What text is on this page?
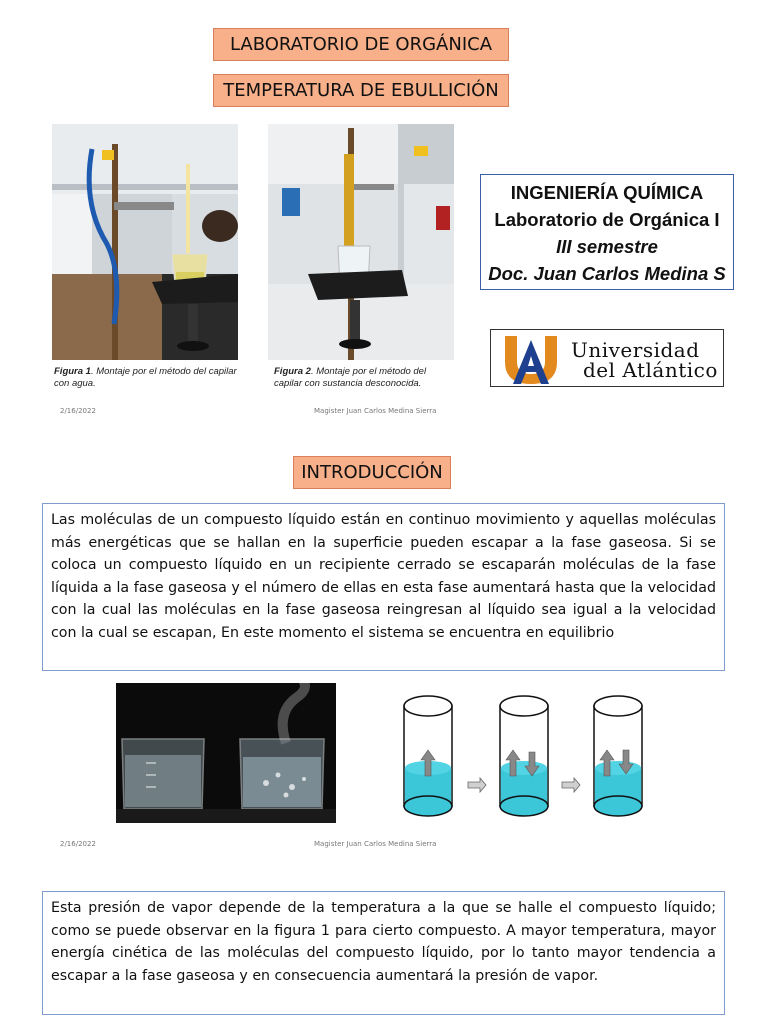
LABORATORIO DE ORGÁNICA
TEMPERATURA DE EBULLICIÓN
Figura 1. Montaje por el método del capilar con agua.
Figura 2. Montaje por el método del capilar con sustancia desconocida.
INGENIERÍA QUÍMICA
Laboratorio de Orgánica I
III semestre
Doc. Juan Carlos Medina S
Universidad
del Atlántico
2/16/2022	Magister Juan Carlos Medina Sierra
INTRODUCCIÓN
Las moléculas de un compuesto líquido están en continuo movimiento y aquellas moléculas más energéticas que se hallan en la superficie pueden escapar a la fase gaseosa. Si se coloca un compuesto líquido en un recipiente cerrado se escaparán moléculas de la fase líquida a la fase gaseosa y el número de ellas en esta fase aumentará hasta que la velocidad con la cual las moléculas en la fase gaseosa reingresan al líquido sea igual a la velocidad con la cual se escapan, En este momento el sistema se encuentra en equilibrio
2/16/2022	Magister Juan Carlos Medina Sierra
Esta presión de vapor depende de la temperatura a la que se halle el compuesto líquido; como se puede observar en la figura 1 para cierto compuesto. A mayor temperatura, mayor energía cinética de las moléculas del compuesto líquido, por lo tanto mayor tendencia a escapar a la fase gaseosa y en consecuencia aumentará la presión de vapor.
